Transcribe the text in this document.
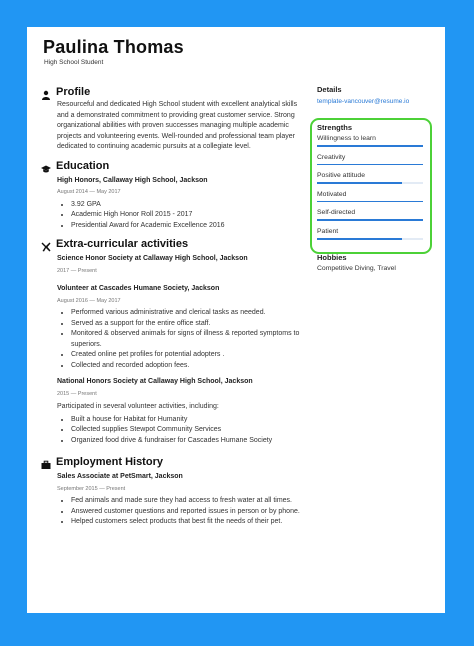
Paulina Thomas
High School Student
Profile
Resourceful and dedicated High School student with excellent analytical skills and a demonstrated commitment to providing great customer service. Strong organizational abilities with proven successes managing multiple academic projects and volunteering events. Well-rounded and professional team player dedicated to continuing academic pursuits at a collegiate level.
Education
High Honors, Callaway High School, Jackson
August 2014 — May 2017
• 3.92 GPA
• Academic High Honor Roll 2015 - 2017
• Presidential Award for Academic Excellence 2016
Extra-curricular activities
Science Honor Society at Callaway High School, Jackson
2017 — Present
Volunteer at Cascades Humane Society, Jackson
August 2016 — May 2017
• Performed various administrative and clerical tasks as needed.
• Served as a support for the entire office staff.
• Monitored & observed animals for signs of illness & reported symptoms to superiors.
• Created online pet profiles for potential adopters .
• Collected and recorded adoption fees.
National Honors Society at Callaway High School, Jackson
2015 — Present
Participated in several volunteer activities, including:
• Built a house for Habitat for Humanity
• Collected supplies Stewpot Community Services
• Organized food drive & fundraiser for Cascades Humane Society
Employment History
Sales Associate at PetSmart, Jackson
September 2015 — Present
• Fed animals and made sure they had access to fresh water at all times.
• Answered customer questions and reported issues in person or by phone.
• Helped customers select products that best fit the needs of their pet.
Details
template-vancouver@resume.io
Strengths
Willingness to learn
Creativity
Positive attitude
Motivated
Self-directed
Patient
Hobbies
Competitive Diving, Travel
